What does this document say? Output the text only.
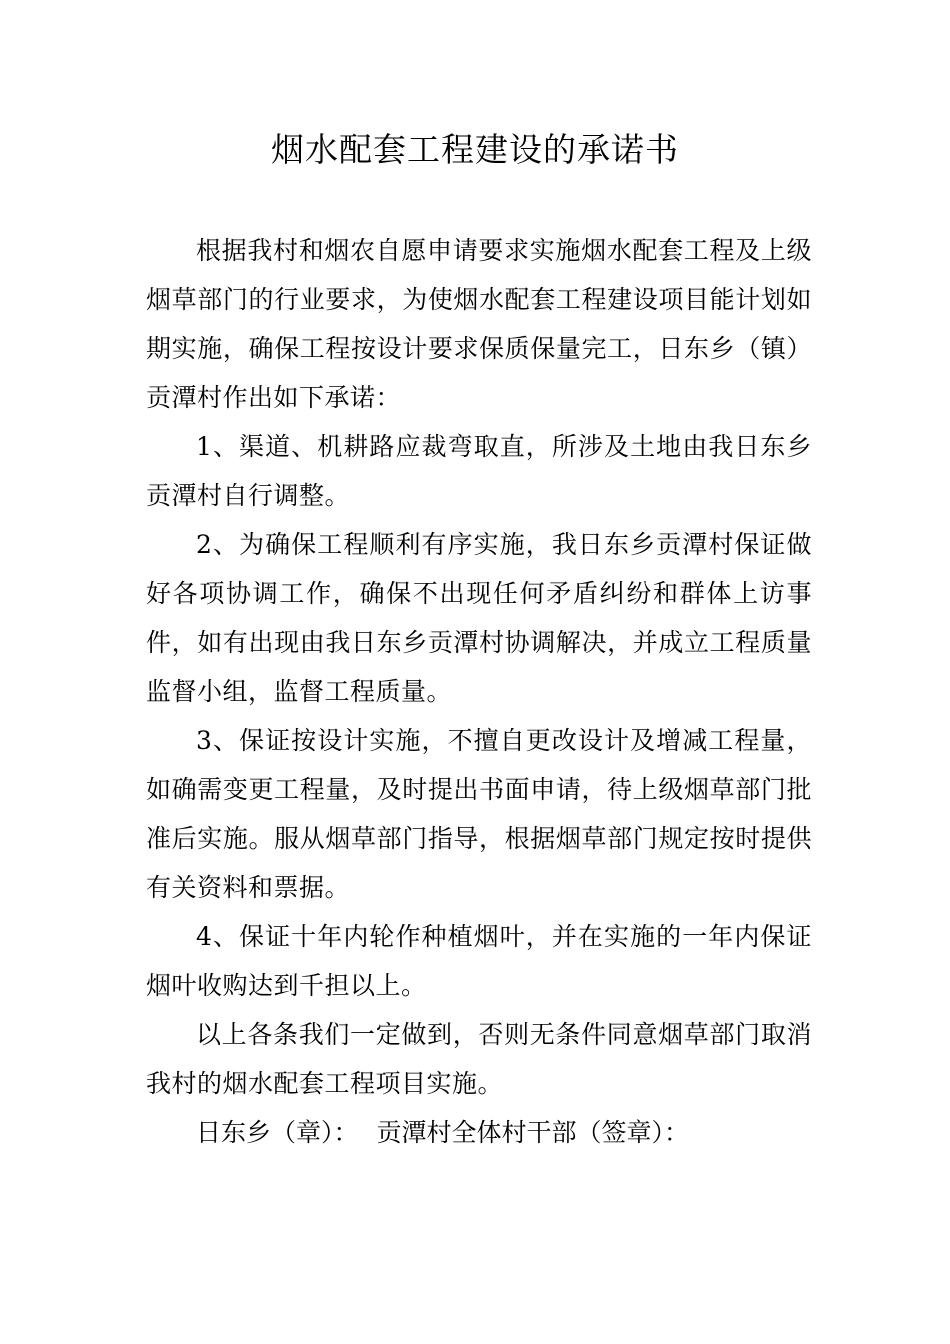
烟水配套工程建设的承诺书

根据我村和烟农自愿申请要求实施烟水配套工程及上级烟草部门的行业要求，为使烟水配套工程建设项目能计划如期实施，确保工程按设计要求保质保量完工，日东乡（镇）贡潭村作出如下承诺：

1、渠道、机耕路应裁弯取直，所涉及土地由我日东乡贡潭村自行调整。

2、为确保工程顺利有序实施，我日东乡贡潭村保证做好各项协调工作，确保不出现任何矛盾纠纷和群体上访事件，如有出现由我日东乡贡潭村协调解决，并成立工程质量监督小组，监督工程质量。

3、保证按设计实施，不擅自更改设计及增减工程量，如确需变更工程量，及时提出书面申请，待上级烟草部门批准后实施。服从烟草部门指导，根据烟草部门规定按时提供有关资料和票据。

4、保证十年内轮作种植烟叶，并在实施的一年内保证烟叶收购达到千担以上。

以上各条我们一定做到，否则无条件同意烟草部门取消我村的烟水配套工程项目实施。

日东乡（章）： 贡潭村全体村干部（签章）：
